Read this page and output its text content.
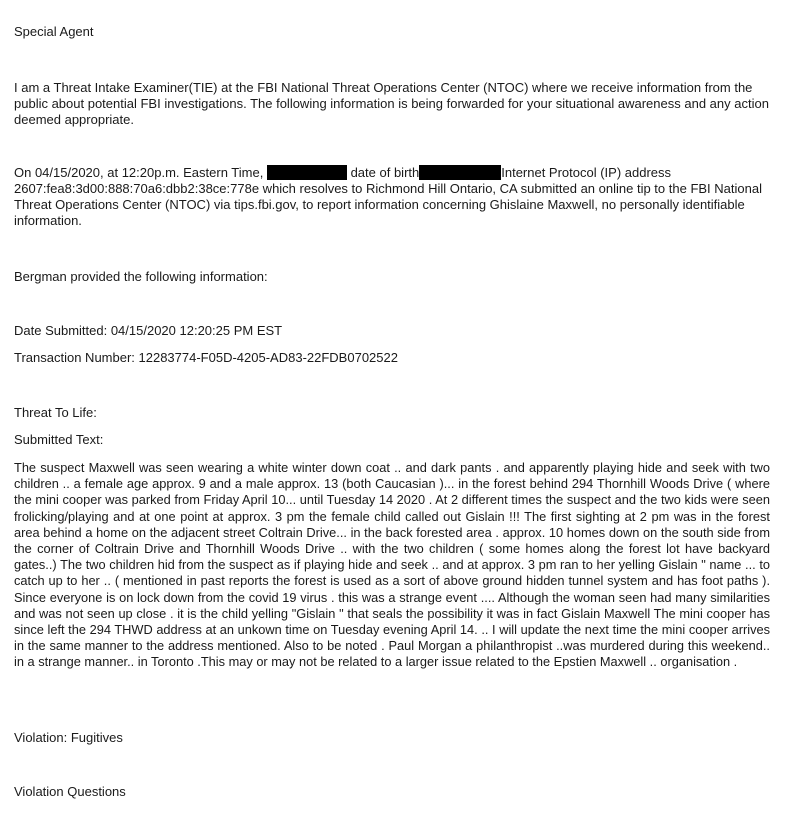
Special Agent
I am a Threat Intake Examiner(TIE) at the FBI National Threat Operations Center (NTOC) where we receive information from the public about potential FBI investigations. The following information is being forwarded for your situational awareness and any action deemed appropriate.
On 04/15/2020, at 12:20p.m. Eastern Time,	date of birth	Internet Protocol (IP) address 2607:fea8:3d00:888:70a6:dbb2:38ce:778e which resolves to Richmond Hill Ontario, CA submitted an online tip to the FBI National Threat Operations Center (NTOC) via tips.fbi.gov, to report information concerning Ghislaine Maxwell, no personally identifiable information.
Bergman provided the following information:
Date Submitted: 04/15/2020 12:20:25 PM EST
Transaction Number: 12283774-F05D-4205-AD83-22FDB0702522
Threat To Life:
Submitted Text:
The suspect Maxwell was seen wearing a white winter down coat .. and dark pants . and apparently playing hide and seek with two children .. a female age approx. 9 and a male approx. 13 (both Caucasian )... in the forest behind 294 Thornhill Woods Drive ( where the mini cooper was parked from Friday April 10... until Tuesday 14 2020 . At 2 different times the suspect and the two kids were seen frolicking/playing and at one point at approx. 3 pm the female child called out Gislain !!! The first sighting at 2 pm was in the forest area behind a home on the adjacent street Coltrain Drive... in the back forested area . approx. 10 homes down on the south side from the corner of Coltrain Drive and Thornhill Woods Drive .. with the two children ( some homes along the forest lot have backyard gates..) The two children hid from the suspect as if playing hide and seek .. and at approx. 3 pm ran to her yelling Gislain " name ... to catch up to her .. ( mentioned in past reports the forest is used as a sort of above ground hidden tunnel system and has foot paths ). Since everyone is on lock down from the covid 19 virus . this was a strange event .... Although the woman seen had many similarities and was not seen up close . it is the child yelling "Gislain " that seals the possibility it was in fact Gislain Maxwell The mini cooper has since left the 294 THWD address at an unkown time on Tuesday evening April 14. .. I will update the next time the mini cooper arrives in the same manner to the address mentioned. Also to be noted . Paul Morgan a philanthropist ..was murdered during this weekend.. in a strange manner.. in Toronto .This may or may not be related to a larger issue related to the Epstien Maxwell .. organisation .
Violation: Fugitives
Violation Questions
